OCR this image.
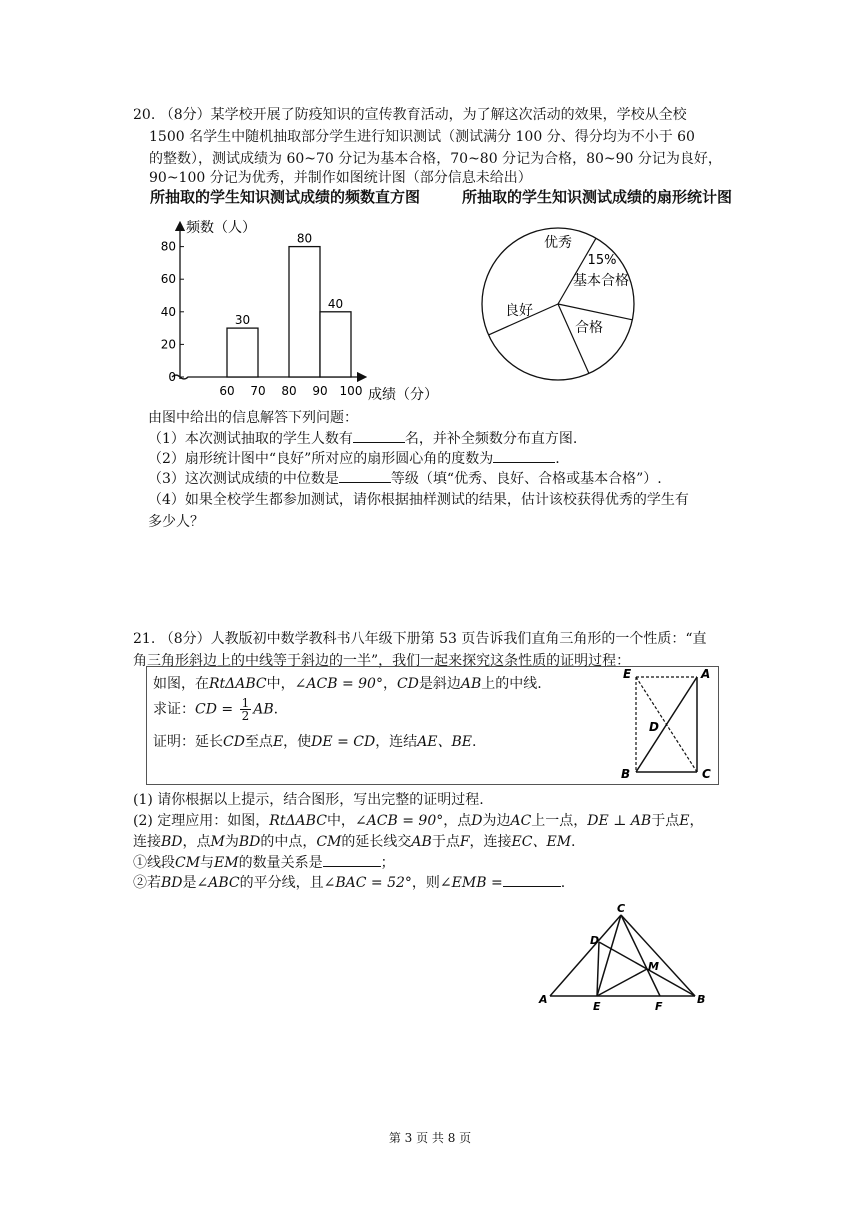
20. （8分）某学校开展了防疫知识的宣传教育活动，为了解这次活动的效果，学校从全校
1500 名学生中随机抽取部分学生进行知识测试（测试满分 100 分、得分均为不小于 60
的整数），测试成绩为 60~70 分记为基本合格，70~80 分记为合格，80~90 分记为良好，
90~100 分记为优秀，并制作如图统计图（部分信息未给出）
所抽取的学生知识测试成绩的频数直方图	所抽取的学生知识测试成绩的扇形统计图
0
20
40
60
80
60 70 80 90 100
30
80
40
频数（人）
成绩（分）
优秀
基本合格
15%
合格
良好
由图中给出的信息解答下列问题：
（1）本次测试抽取的学生人数有	名，并补全频数分布直方图.
（2）扇形统计图中“良好”所对应的扇形圆心角的度数为	.
（3）这次测试成绩的中位数是	等级（填“优秀、良好、合格或基本合格”）.
（4）如果全校学生都参加测试，请你根据抽样测试的结果，估计该校获得优秀的学生有
多少人？
21. （8分）人教版初中数学教科书八年级下册第 53 页告诉我们直角三角形的一个性质：“直
角三角形斜边上的中线等于斜边的一半”，我们一起来探究这条性质的证明过程：
如图，在RtΔABC中，∠ACB = 90°，CD是斜边AB上的中线.
求证：CD = $\frac{1}{2}$ AB.
证明：延长CD至点E，使DE = CD，连结AE、BE.
E	A
D
B	C
(1) 请你根据以上提示，结合图形，写出完整的证明过程.
(2) 定理应用：如图，RtΔABC中，∠ACB = 90°，点D为边AC上一点，DE ⊥ AB于点E，
连接BD，点M为BD的中点，CM的延长线交AB于点F，连接EC、EM.
①线段CM与EM的数量关系是	；
②若BD是∠ABC的平分线，且∠BAC = 52°，则∠EMB =	.
C
D
M
A
E	F
B
第 3 页 共 8 页
